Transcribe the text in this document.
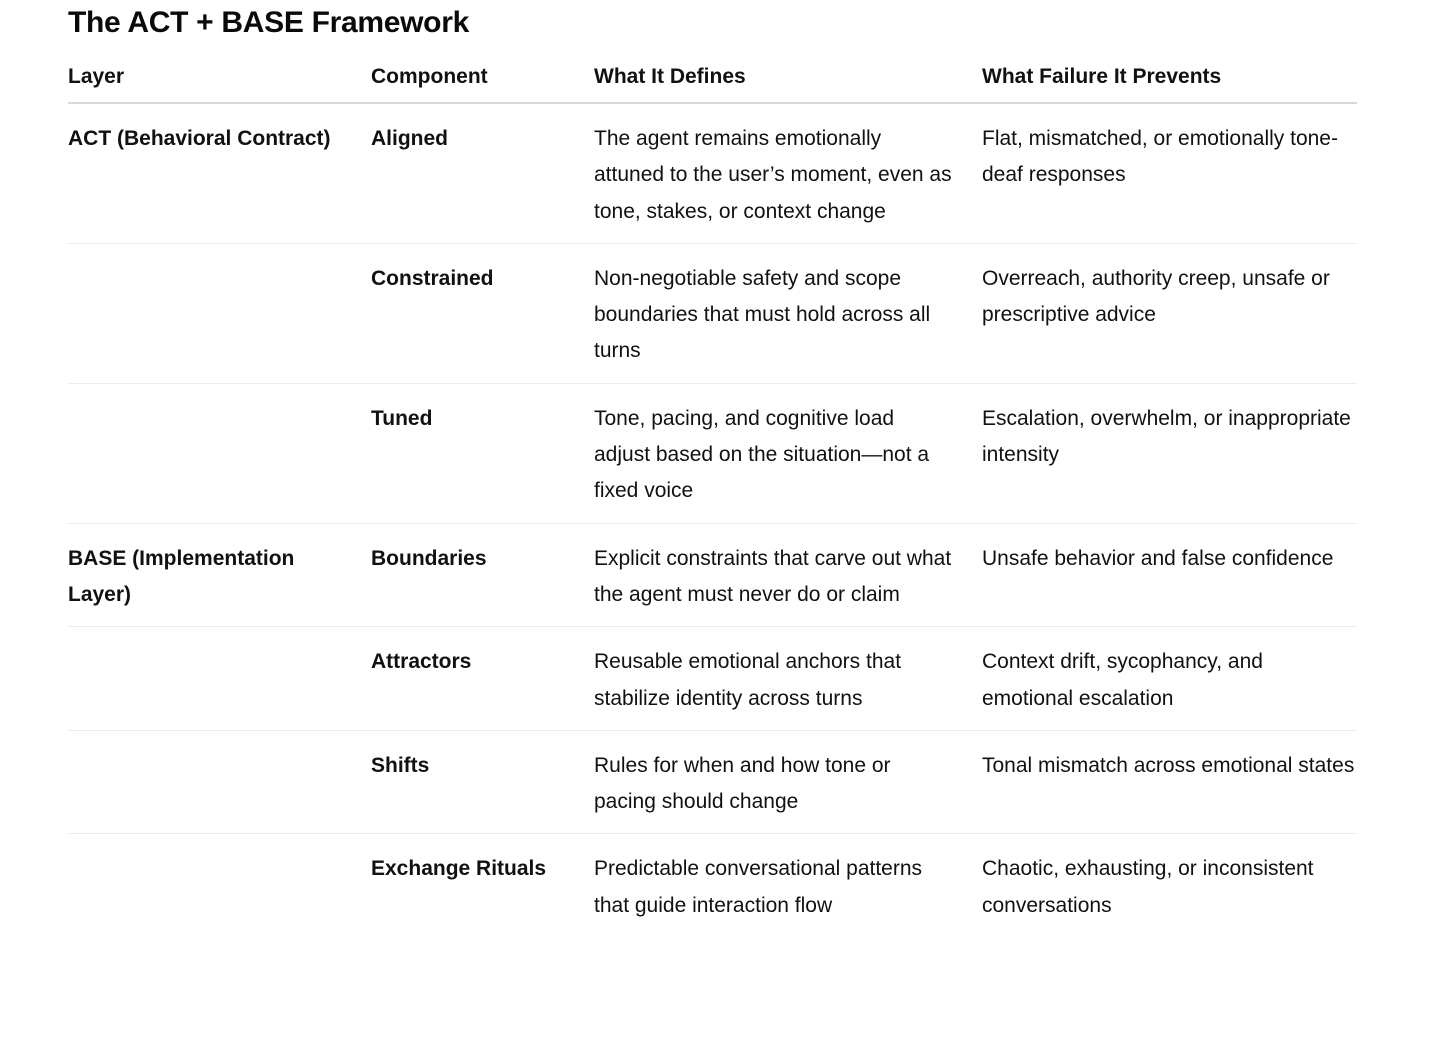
The ACT + BASE Framework
Layer	Component	What It Defines	What Failure It Prevents
ACT (Behavioral Contract)	Aligned	The agent remains emotionally attuned to the user’s moment, even as tone, stakes, or context change	Flat, mismatched, or emotionally tone-deaf responses
	Constrained	Non-negotiable safety and scope boundaries that must hold across all turns	Overreach, authority creep, unsafe or prescriptive advice
	Tuned	Tone, pacing, and cognitive load adjust based on the situation—not a fixed voice	Escalation, overwhelm, or inappropriate intensity
BASE (Implementation Layer)	Boundaries	Explicit constraints that carve out what the agent must never do or claim	Unsafe behavior and false confidence
	Attractors	Reusable emotional anchors that stabilize identity across turns	Context drift, sycophancy, and emotional escalation
	Shifts	Rules for when and how tone or pacing should change	Tonal mismatch across emotional states
	Exchange Rituals	Predictable conversational patterns that guide interaction flow	Chaotic, exhausting, or inconsistent conversations
